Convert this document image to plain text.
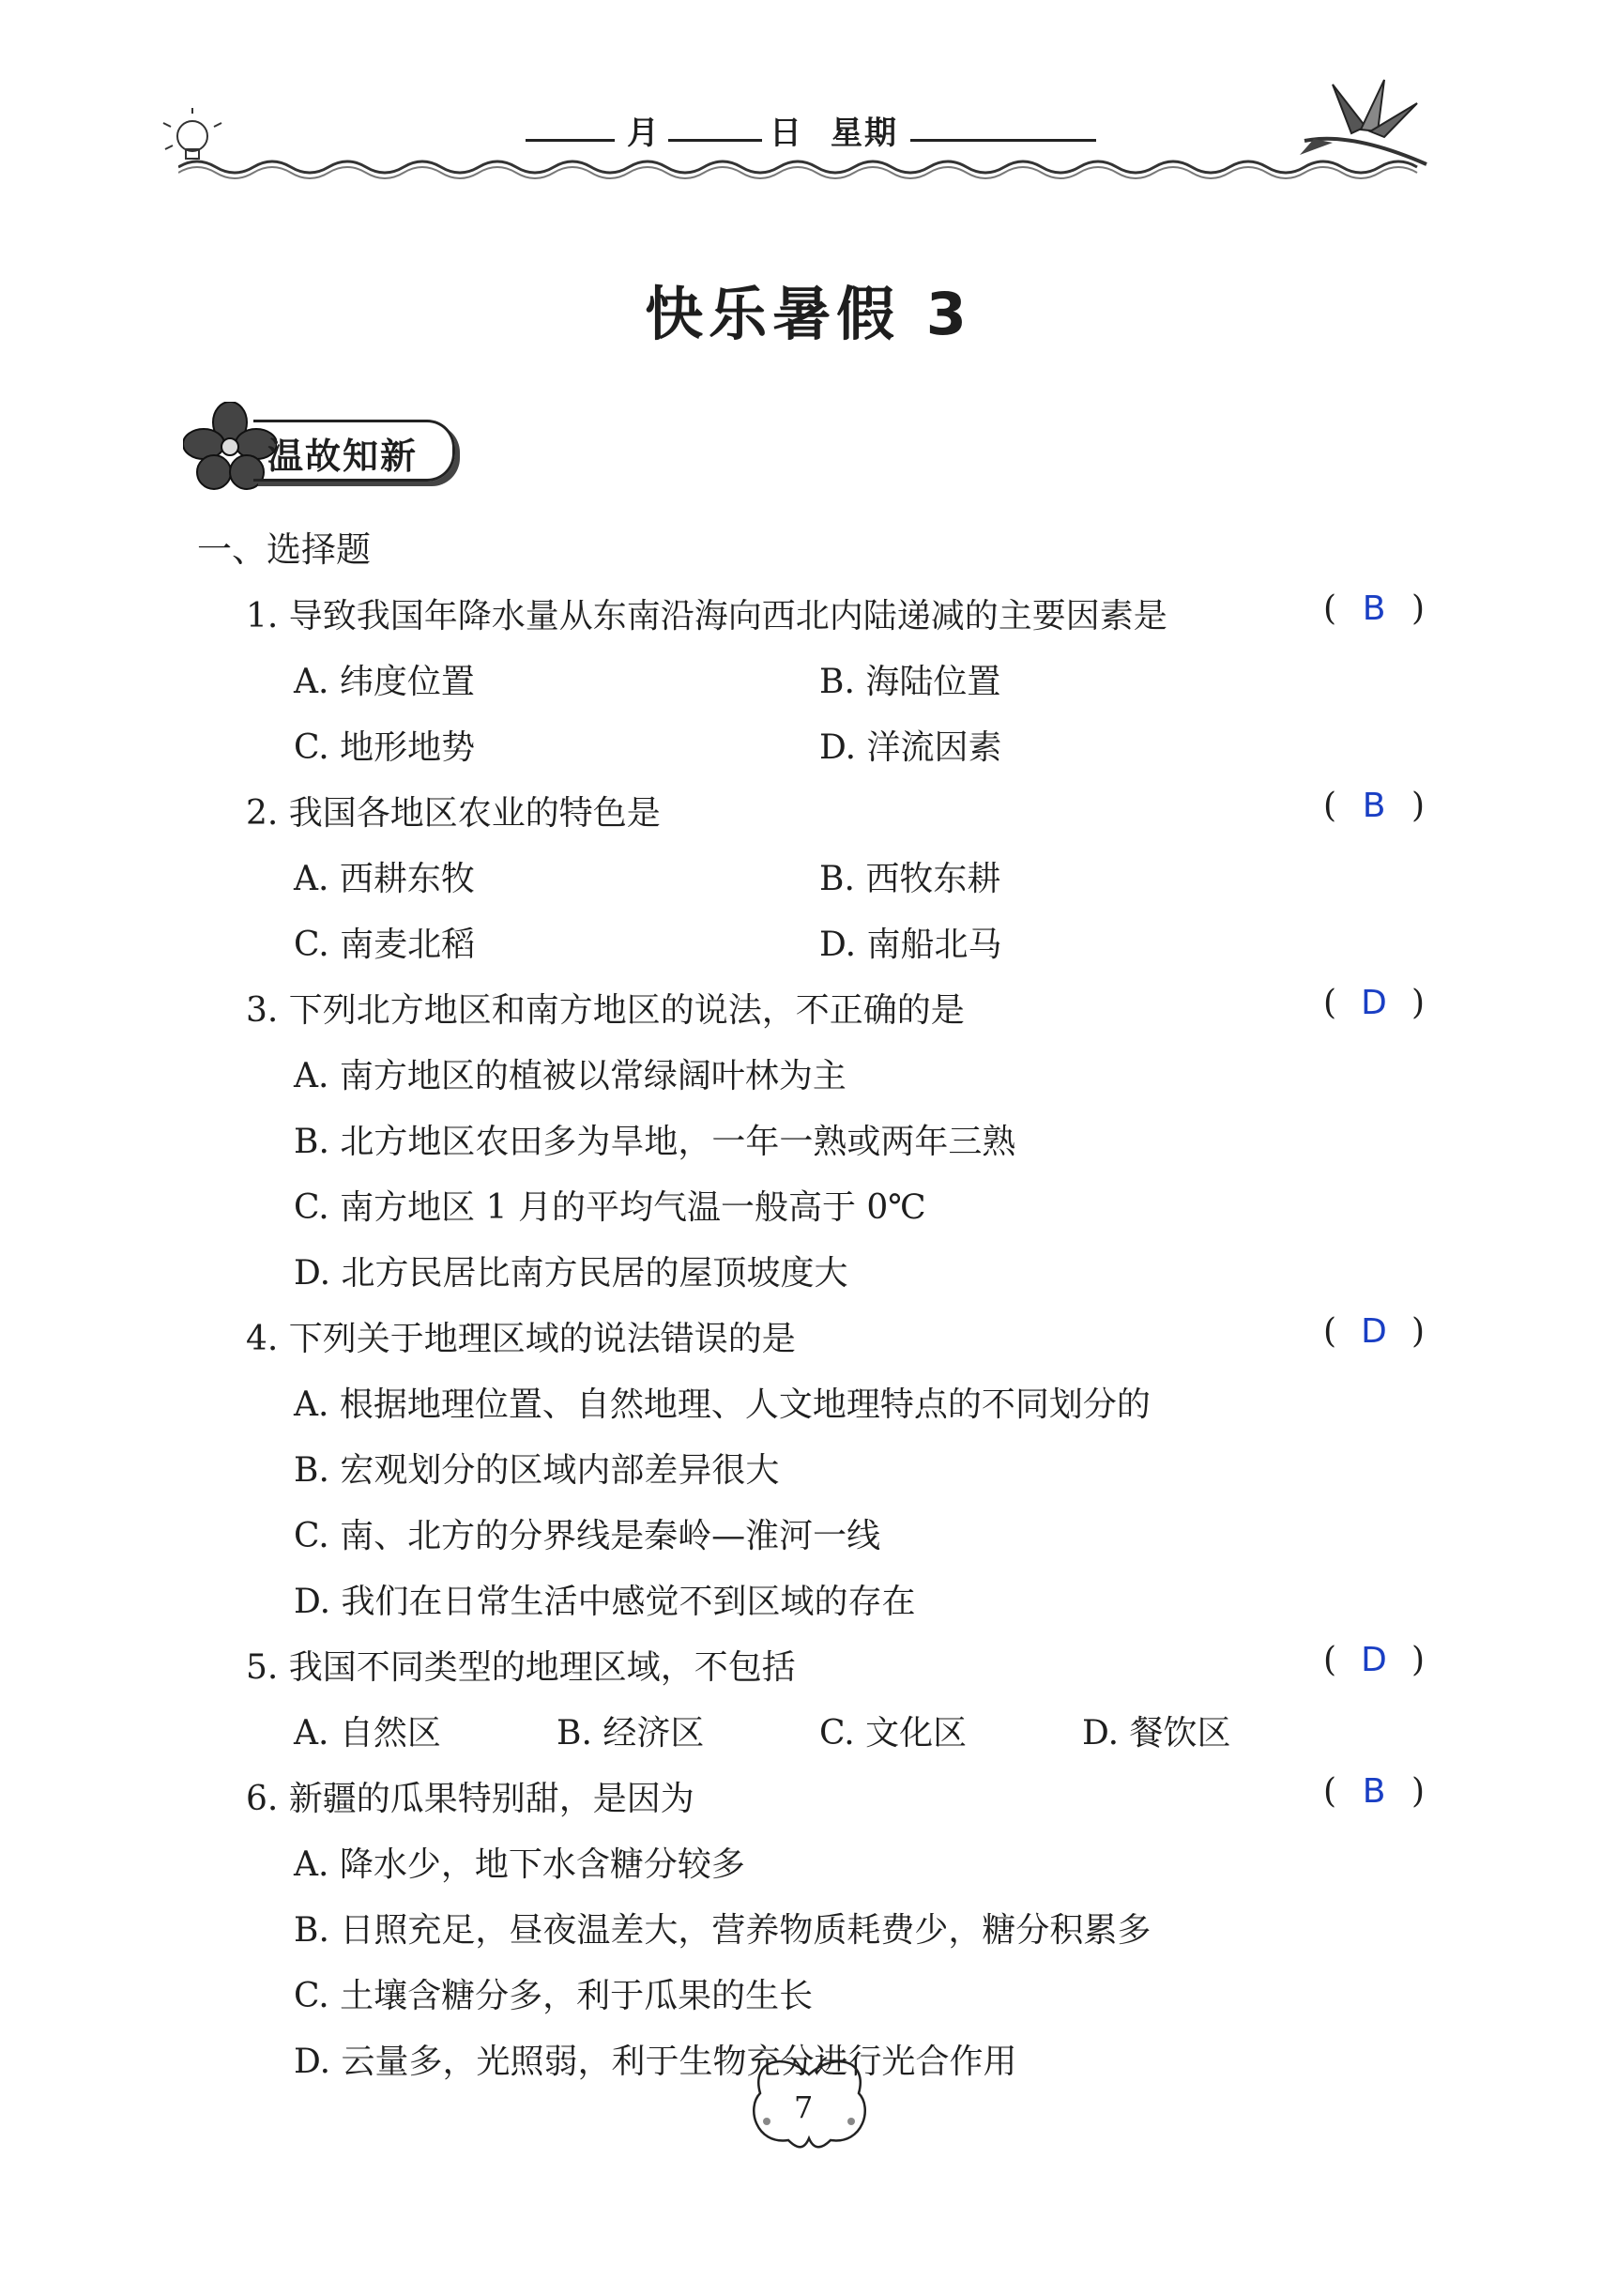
月	日 星期
快乐暑假 3
温故知新
一、选择题
1. 导致我国年降水量从东南沿海向西北内陆递减的主要因素是	( B )
A. 纬度位置	B. 海陆位置
C. 地形地势	D. 洋流因素
2. 我国各地区农业的特色是	( B )
A. 西耕东牧	B. 西牧东耕
C. 南麦北稻	D. 南船北马
3. 下列北方地区和南方地区的说法，不正确的是	( D )
A. 南方地区的植被以常绿阔叶林为主
B. 北方地区农田多为旱地，一年一熟或两年三熟
C. 南方地区 1 月的平均气温一般高于 0℃
D. 北方民居比南方民居的屋顶坡度大
4. 下列关于地理区域的说法错误的是	( D )
A. 根据地理位置、自然地理、人文地理特点的不同划分的
B. 宏观划分的区域内部差异很大
C. 南、北方的分界线是秦岭—淮河一线
D. 我们在日常生活中感觉不到区域的存在
5. 我国不同类型的地理区域，不包括	( D )
A. 自然区	B. 经济区	C. 文化区	D. 餐饮区
6. 新疆的瓜果特别甜，是因为	( B )
A. 降水少，地下水含糖分较多
B. 日照充足，昼夜温差大，营养物质耗费少，糖分积累多
C. 土壤含糖分多，利于瓜果的生长
D. 云量多，光照弱，利于生物充分进行光合作用
7
